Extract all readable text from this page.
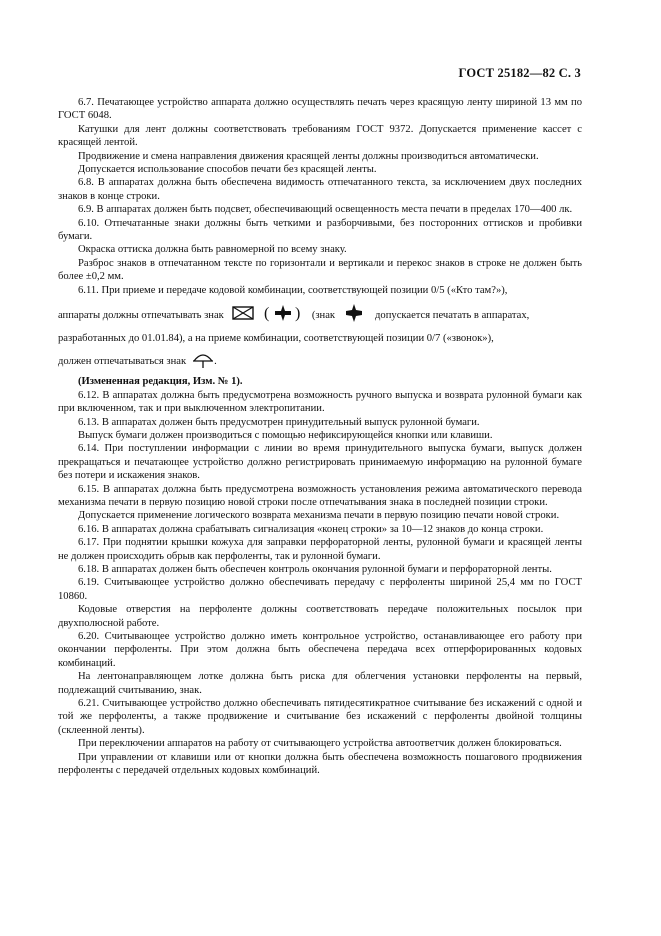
ГОСТ 25182—82 С. 3

6.7. Печатающее устройство аппарата должно осуществлять печать через красящую ленту шириной 13 мм по ГОСТ 6048.

Катушки для лент должны соответствовать требованиям ГОСТ 9372. Допускается применение кассет с красящей лентой.

Продвижение и смена направления движения красящей ленты должны производиться автоматически.

Допускается использование способов печати без красящей ленты.

6.8. В аппаратах должна быть обеспечена видимость отпечатанного текста, за исключением двух последних знаков в конце строки.

6.9. В аппаратах должен быть подсвет, обеспечивающий освещенность места печати в пределах 170—400 лк.

6.10. Отпечатанные знаки должны быть четкими и разборчивыми, без посторонних оттисков и пробивки бумаги.

Окраска оттиска должна быть равномерной по всему знаку.

Разброс знаков в отпечатанном тексте по горизонтали и вертикали и перекос знаков в строке не должен быть более ±0,2 мм.

6.11. При приеме и передаче кодовой комбинации, соответствующей позиции 0/5 («Кто там?»),

аппараты должны отпечатывать знак ☒ ( ) (знак	допускается печатать в аппаратах,

разработанных до 01.01.84), а на приеме комбинации, соответствующей позиции 0/7 («звонок»),

должен отпечатываться знак	.

(Измененная редакция, Изм. № 1).

6.12. В аппаратах должна быть предусмотрена возможность ручного выпуска и возврата рулонной бумаги как при включенном, так и при выключенном электропитании.

6.13. В аппаратах должен быть предусмотрен принудительный выпуск рулонной бумаги.

Выпуск бумаги должен производиться с помощью нефиксирующейся кнопки или клавиши.

6.14. При поступлении информации с линии во время принудительного выпуска бумаги, выпуск должен прекращаться и печатающее устройство должно регистрировать принимаемую информацию на рулонной бумаге без потери и искажения знаков.

6.15. В аппаратах должна быть предусмотрена возможность установления режима автоматического перевода механизма печати в первую позицию новой строки после отпечатывания знака в последней позиции строки.

Допускается применение логического возврата механизма печати в первую позицию печати новой строки.

6.16. В аппаратах должна срабатывать сигнализация «конец строки» за 10—12 знаков до конца строки.

6.17. При поднятии крышки кожуха для заправки перфораторной ленты, рулонной бумаги и красящей ленты не должен происходить обрыв как перфоленты, так и рулонной бумаги.

6.18. В аппаратах должен быть обеспечен контроль окончания рулонной бумаги и перфораторной ленты.

6.19. Считывающее устройство должно обеспечивать передачу с перфоленты шириной 25,4 мм по ГОСТ 10860.

Кодовые отверстия на перфоленте должны соответствовать передаче положительных посылок при двухполюсной работе.

6.20. Считывающее устройство должно иметь контрольное устройство, останавливающее его работу при окончании перфоленты. При этом должна быть обеспечена передача всех отперфорированных кодовых комбинаций.

На лентонаправляющем лотке должна быть риска для облегчения установки перфоленты на первый, подлежащий считыванию, знак.

6.21. Считывающее устройство должно обеспечивать пятидесятикратное считывание без искажений с одной и той же перфоленты, а также продвижение и считывание без искажений с перфоленты двойной толщины (склеенной ленты).

При переключении аппаратов на работу от считывающего устройства автоответчик должен блокироваться.

При управлении от клавиши или от кнопки должна быть обеспечена возможность пошагового продвижения перфоленты с передачей отдельных кодовых комбинаций.
